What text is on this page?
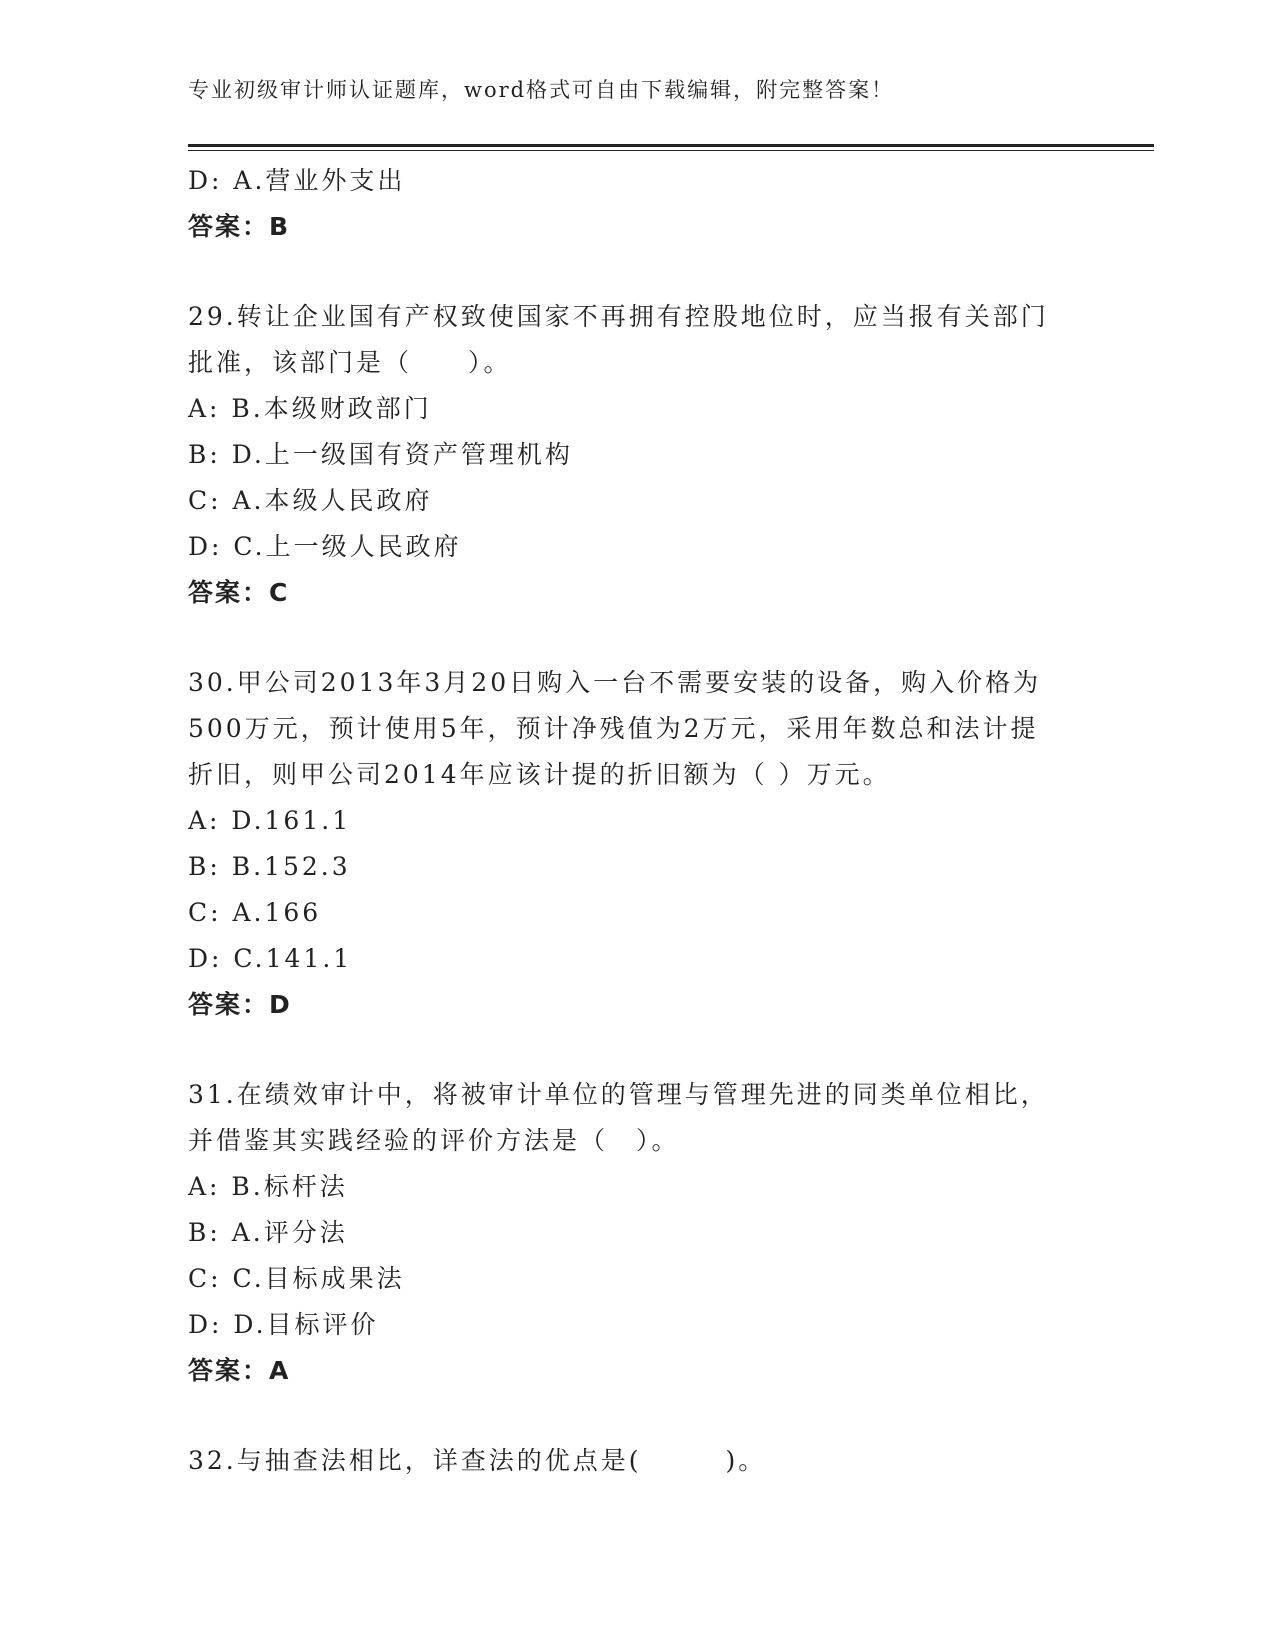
专业初级审计师认证题库，word格式可自由下载编辑，附完整答案！
D: A.营业外支出
答案：B
29.转让企业国有产权致使国家不再拥有控股地位时，应当报有关部门
批准，该部门是（　　）。
A: B.本级财政部门
B: D.上一级国有资产管理机构
C: A.本级人民政府
D: C.上一级人民政府
答案：C
30.甲公司2013年3月20日购入一台不需要安装的设备，购入价格为
500万元，预计使用5年，预计净残值为2万元，采用年数总和法计提
折旧，则甲公司2014年应该计提的折旧额为（ ）万元。
A: D.161.1
B: B.152.3
C: A.166
D: C.141.1
答案：D
31.在绩效审计中，将被审计单位的管理与管理先进的同类单位相比，
并借鉴其实践经验的评价方法是（　）。
A: B.标杆法
B: A.评分法
C: C.目标成果法
D: D.目标评价
答案：A
32.与抽查法相比，详查法的优点是(　　　)。
